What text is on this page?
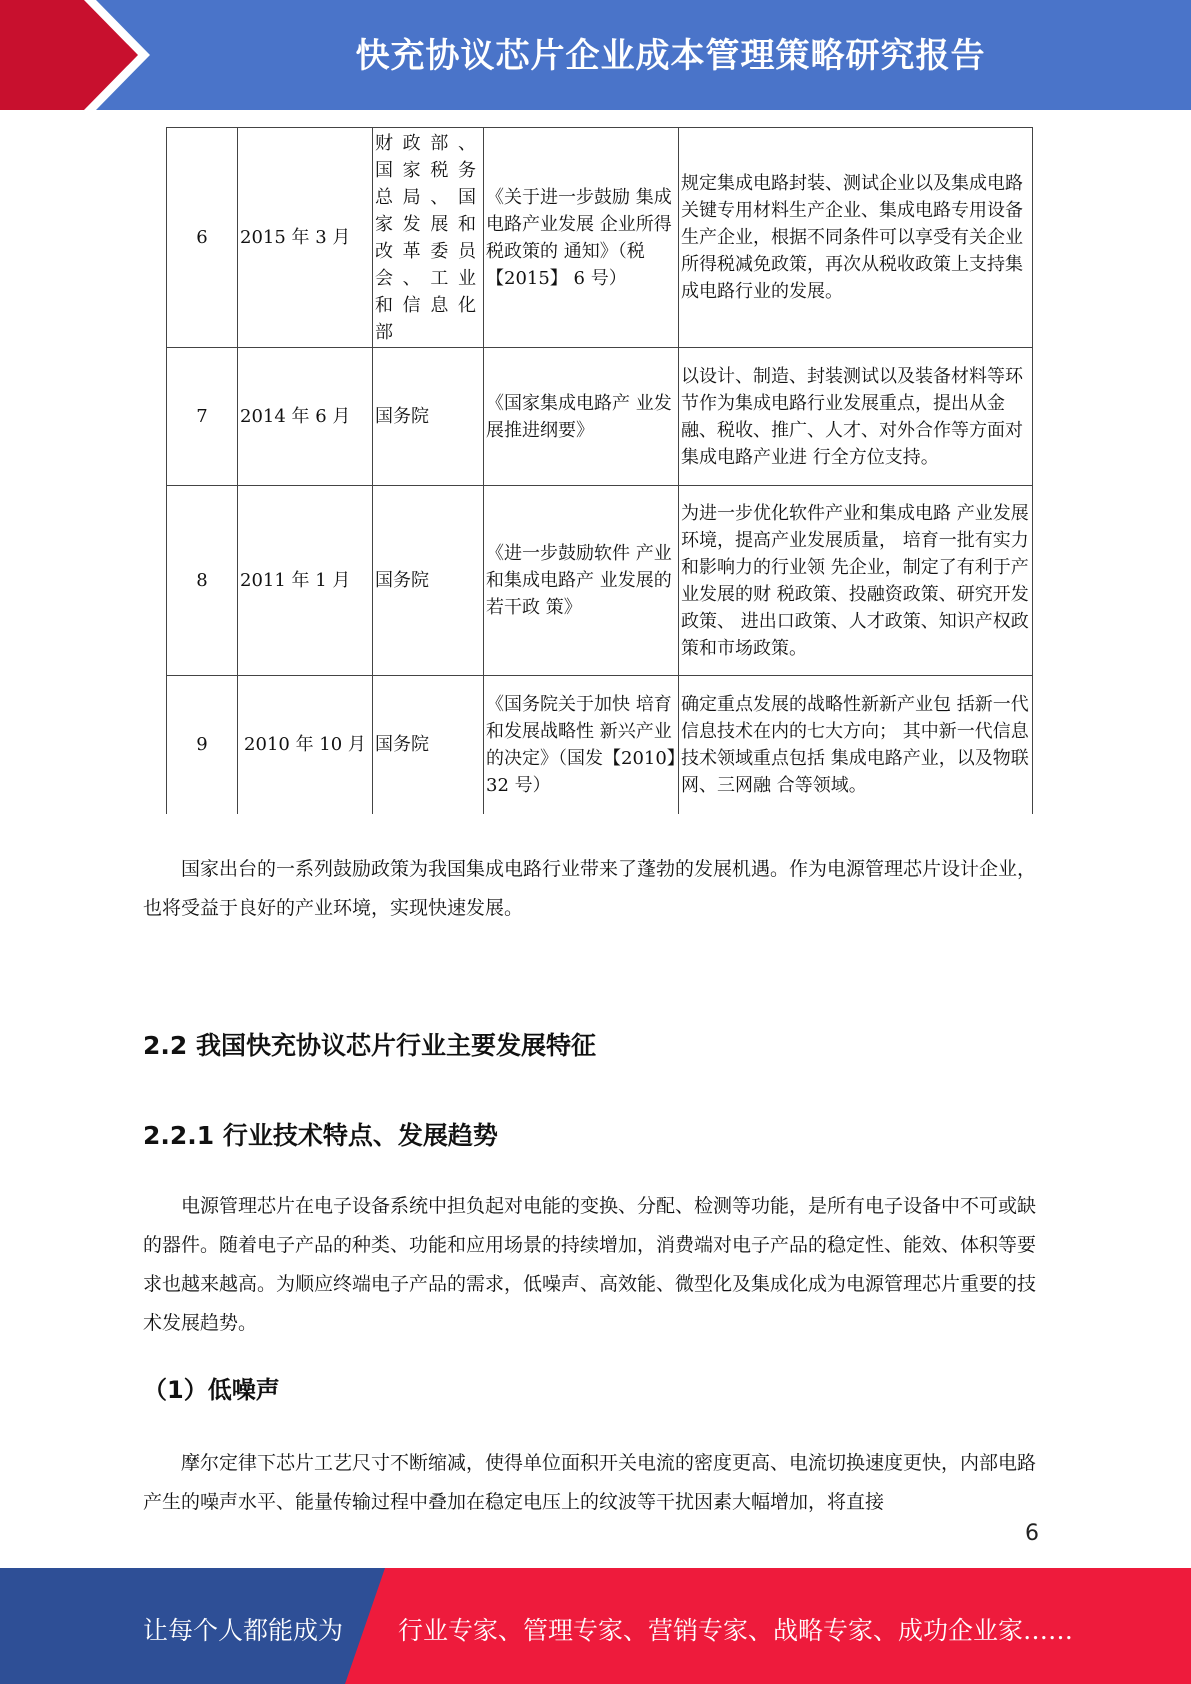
快充协议芯片企业成本管理策略研究报告
6	2015 年 3 月	财政部、国家税务总局、国家发展和改革委员会、工业和信息化部	《关于进一步鼓励 集成电路产业发展 企业所得税政策的 通知》（税【2015】 6 号）	规定集成电路封装、测试企业以及集成电路关键专用材料生产企业、集成电路专用设备生产企业，根据不同条件可以享受有关企业所得税减免政策，再次从税收政策上支持集成电路行业的发展。
7	2014 年 6 月	国务院	《国家集成电路产 业发展推进纲要》	以设计、制造、封装测试以及装备材料等环节作为集成电路行业发展重点，提出从金融、税收、推广、人才、对外合作等方面对集成电路产业进 行全方位支持。
8	2011 年 1 月	国务院	《进一步鼓励软件 产业和集成电路产 业发展的若干政 策》	为进一步优化软件产业和集成电路 产业发展环境，提高产业发展质量， 培育一批有实力和影响力的行业领 先企业，制定了有利于产业发展的财 税政策、投融资政策、研究开发政策、 进出口政策、人才政策、知识产权政 策和市场政策。
9	2010 年 10 月	国务院	《国务院关于加快 培育和发展战略性 新兴产业的决定》（国发【2010】32 号）	确定重点发展的战略性新新产业包 括新一代信息技术在内的七大方向； 其中新一代信息技术领域重点包括 集成电路产业，以及物联网、三网融 合等领域。

国家出台的一系列鼓励政策为我国集成电路行业带来了蓬勃的发展机遇。作为电源管理芯片设计企业，也将受益于良好的产业环境，实现快速发展。

2.2 我国快充协议芯片行业主要发展特征
2.2.1 行业技术特点、发展趋势

电源管理芯片在电子设备系统中担负起对电能的变换、分配、检测等功能，是所有电子设备中不可或缺的器件。随着电子产品的种类、功能和应用场景的持续增加，消费端对电子产品的稳定性、能效、体积等要求也越来越高。为顺应终端电子产品的需求，低噪声、高效能、微型化及集成化成为电源管理芯片重要的技术发展趋势。

（1）低噪声

摩尔定律下芯片工艺尺寸不断缩减，使得单位面积开关电流的密度更高、电流切换速度更快，内部电路产生的噪声水平、能量传输过程中叠加在稳定电压上的纹波等干扰因素大幅增加，将直接

6
让每个人都能成为 行业专家、管理专家、营销专家、战略专家、成功企业家……
